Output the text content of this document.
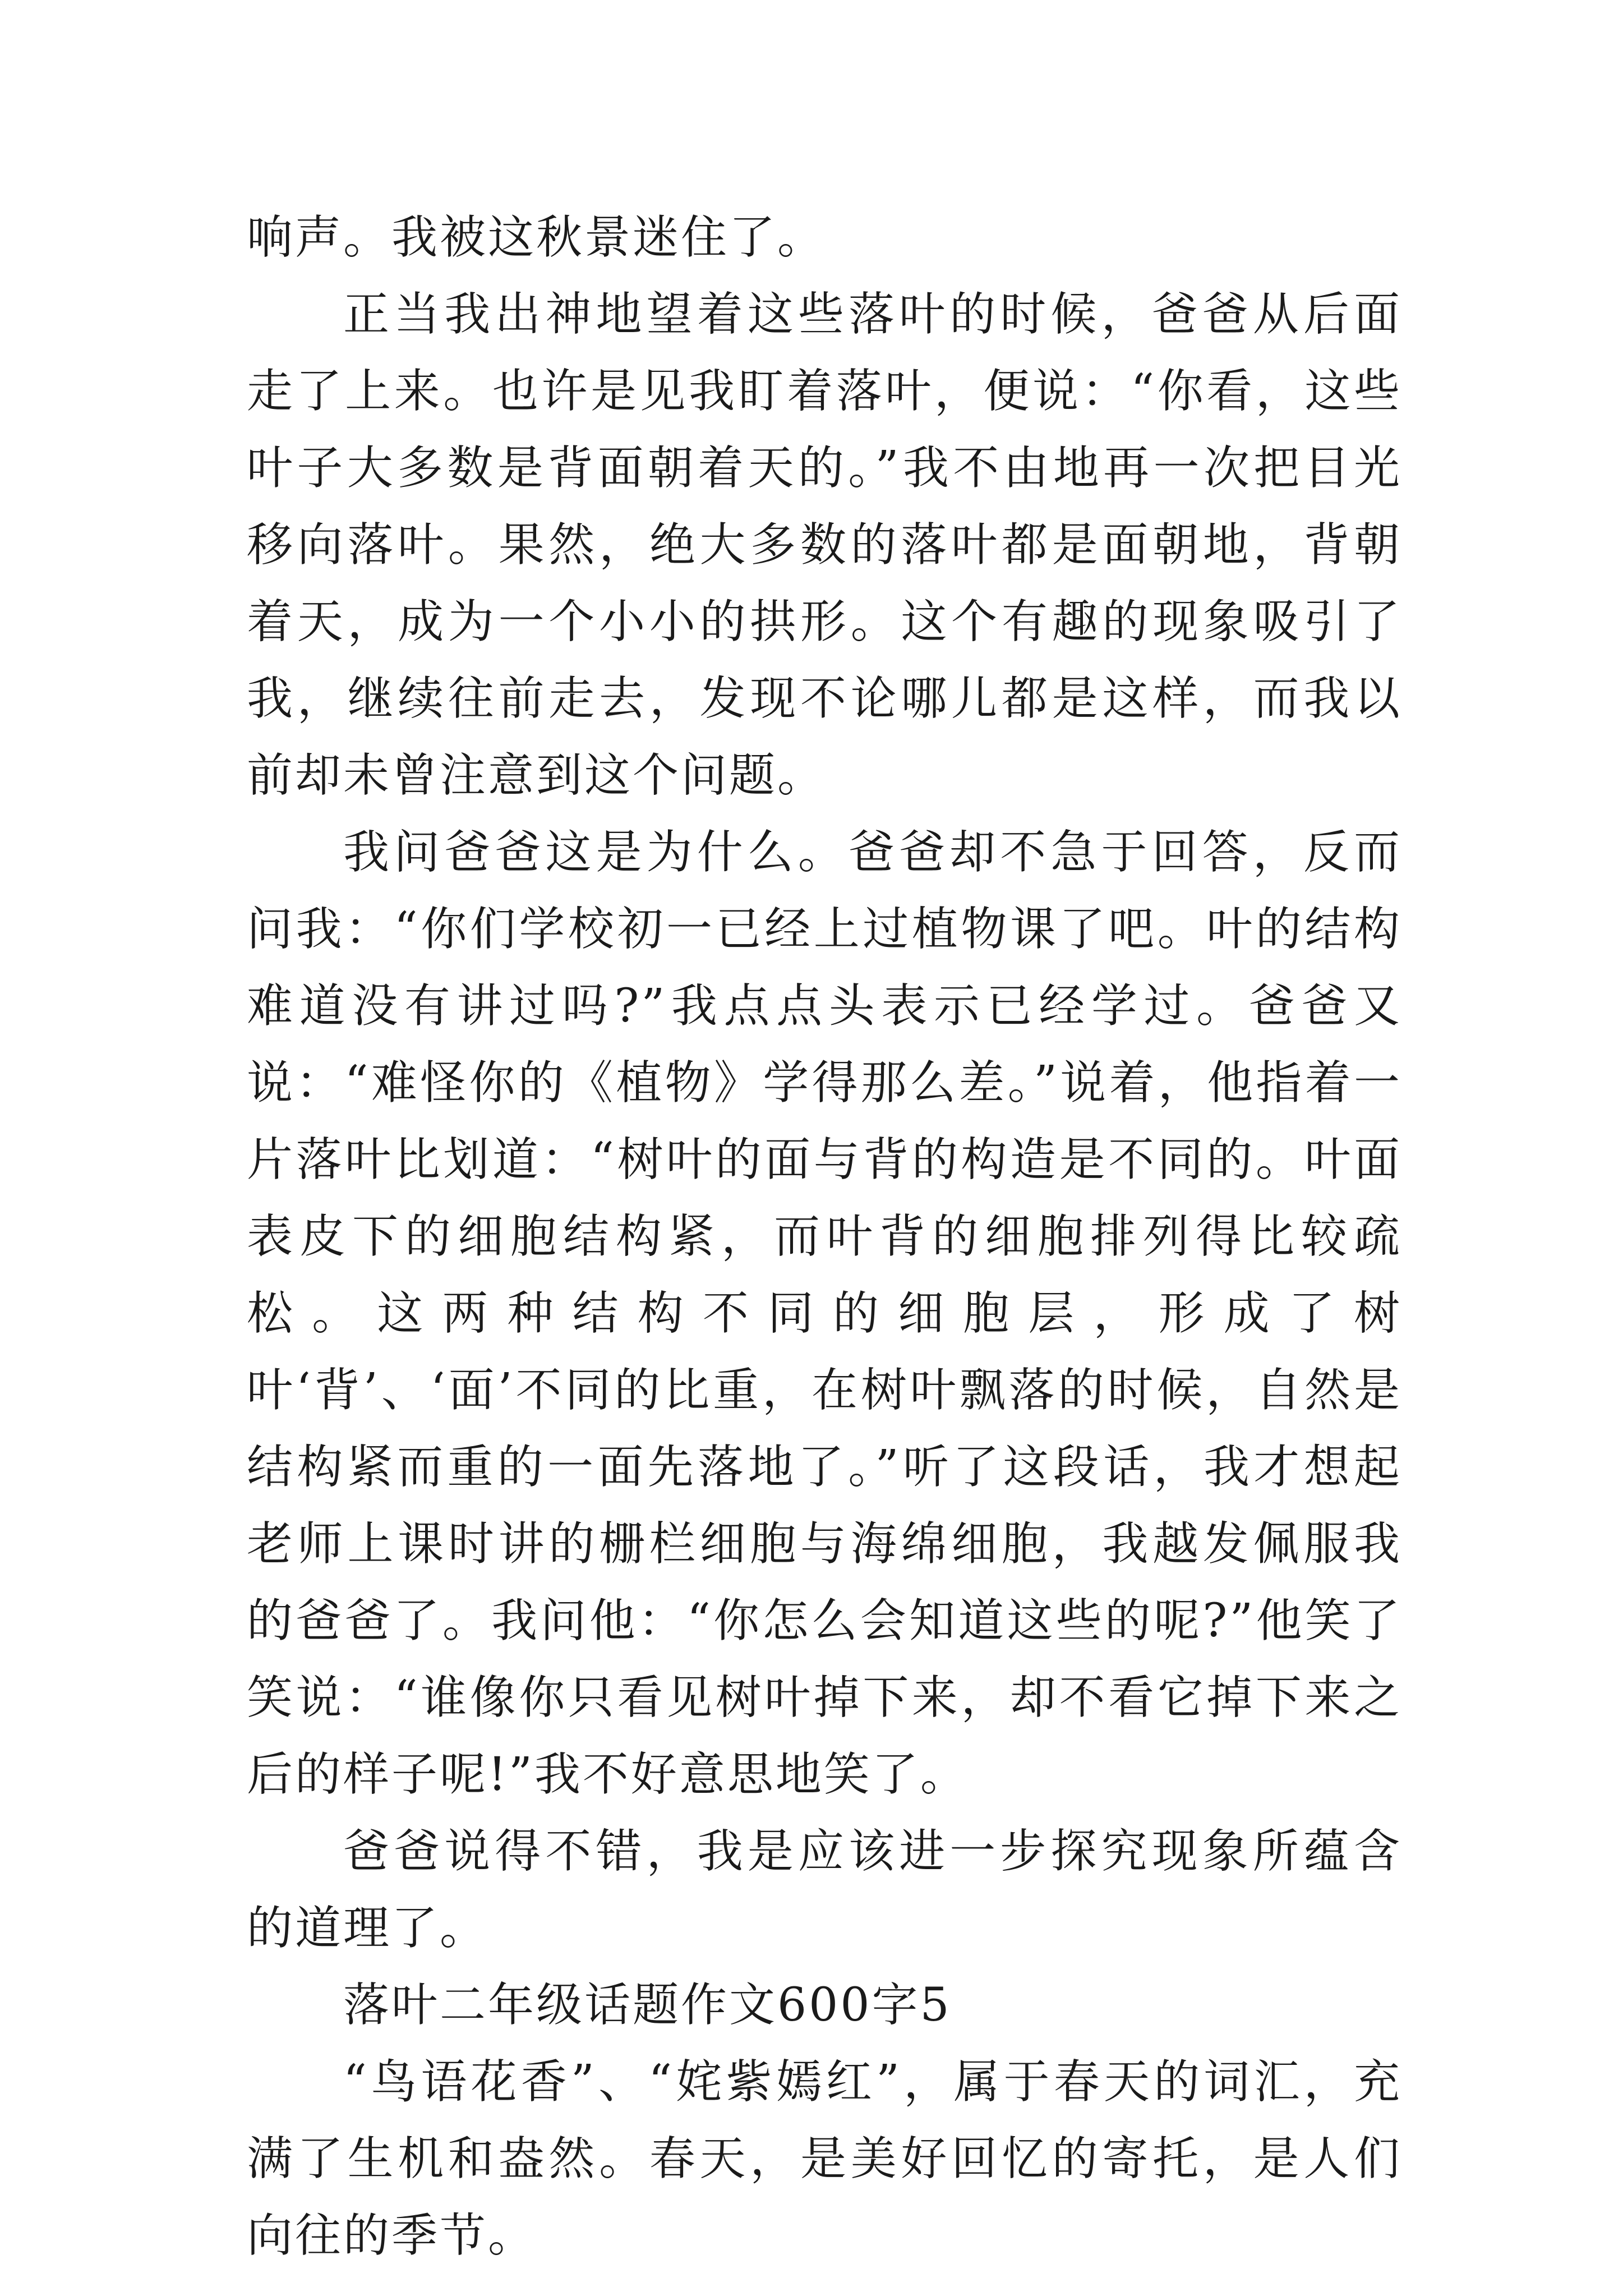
响声。我被这秋景迷住了。

正当我出神地望着这些落叶的时候，爸爸从后面走了上来。也许是见我盯着落叶，便说：“你看，这些叶子大多数是背面朝着天的。”我不由地再一次把目光移向落叶。果然，绝大多数的落叶都是面朝地，背朝着天，成为一个小小的拱形。这个有趣的现象吸引了我，继续往前走去，发现不论哪儿都是这样，而我以前却未曾注意到这个问题。

我问爸爸这是为什么。爸爸却不急于回答，反而问我：“你们学校初一已经上过植物课了吧。叶的结构难道没有讲过吗?”我点点头表示已经学过。爸爸又说：“难怪你的《植物》学得那么差。”说着，他指着一片落叶比划道：“树叶的面与背的构造是不同的。叶面表皮下的细胞结构紧，而叶背的细胞排列得比较疏松。这两种结构不同的细胞层，形成了树叶‘背’、‘面’不同的比重，在树叶飘落的时候，自然是结构紧而重的一面先落地了。”听了这段话，我才想起老师上课时讲的栅栏细胞与海绵细胞，我越发佩服我的爸爸了。我问他：“你怎么会知道这些的呢?”他笑了笑说：“谁像你只看见树叶掉下来，却不看它掉下来之后的样子呢!”我不好意思地笑了。

爸爸说得不错，我是应该进一步探究现象所蕴含的道理了。

落叶二年级话题作文600字5

“鸟语花香”、“姹紫嫣红”，属于春天的词汇，充满了生机和盎然。春天，是美好回忆的寄托，是人们向往的季节。
